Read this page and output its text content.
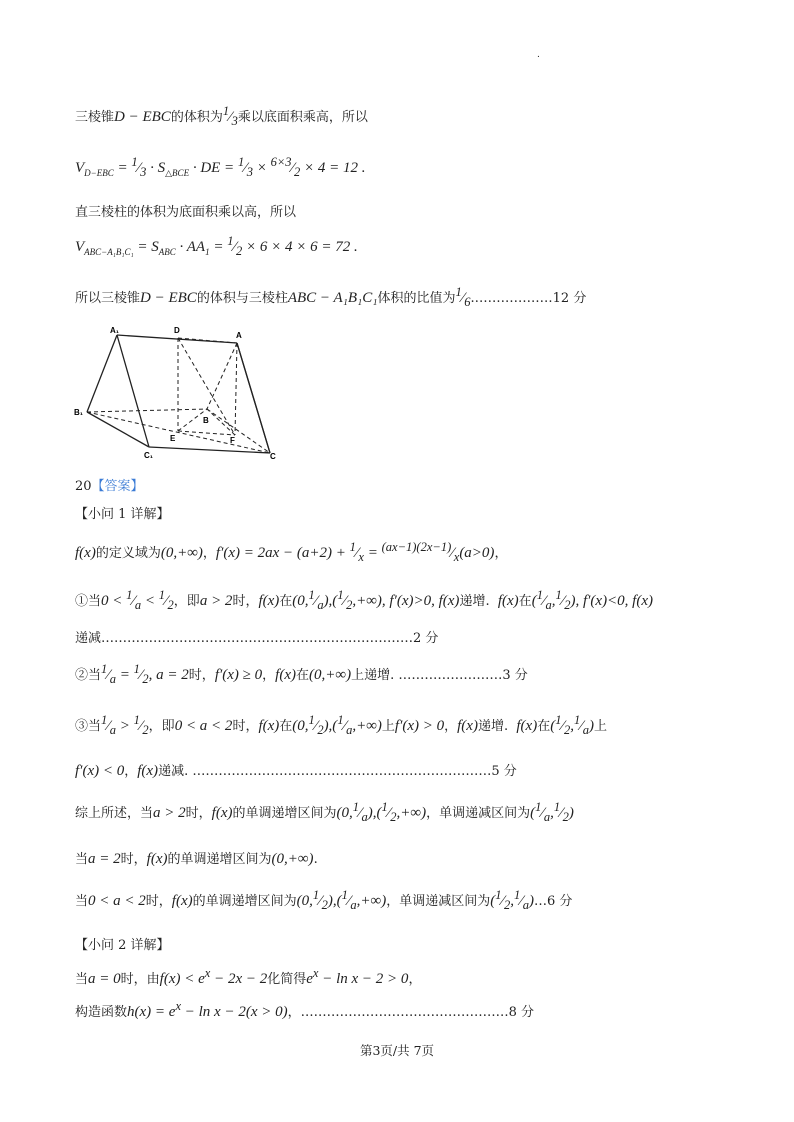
.
三棱锥D − EBC的体积为$^1⁄_3$乘以底面积乘高，所以
$V_{D-EBC}$ = $^1⁄_3 \cdot S_{\triangle BCE}$ · DE = $^1⁄_3$ × $^{6\times 3}⁄_2 \times 4 = 12$ .
直三棱柱的体积为底面积乘以高，所以
$V_{ABC-A_1B_1C_1} = S_{ABC} \cdot AA_1$ = $^1⁄_2 \times 6 \times 4 \times 6 = 72$ .
所以三棱锥D − EBC的体积与三棱柱ABC − A₁B₁C₁体积的比值为$^1⁄_6.\dots\dots\dots\dots\dots\dots 12$ 分
A₁	D
A
B₁
B
E	F
C₁	C
20【答案】
【小问 1 详解】
f(x)的定义域为(0,+∞)，$f'(x) = 2ax - (a+2) + ^1⁄_x$ = $^{(ax-1)(2x-1)}⁄_x(a>0)$，
①当$0 < ^1⁄_a$ < $^1⁄_2$，即a > 2时，f(x)在$(0,^1⁄_a),(^1⁄_2,+\infty)$, f′(x)>0, f(x)递增.  f(x)在$(^1⁄_a,^1⁄_2)$, f′(x)<0, f(x)
递减………………………………………………………………2 分
②当$^1⁄_a$ = $^1⁄_2$, a = 2时，f′(x) ≥ 0，f(x)在(0,+∞)上递增. ……………………3 分
③当$^1⁄_a$ > $^1⁄_2$，即0 < a < 2时，f(x)在$(0,^1⁄_2),(^1⁄_a,+\infty)$上f′(x) > 0，f(x)递增.  f(x)在$(^1⁄_2,^1⁄_a)$上
f′(x) < 0，f(x)递减. ……………………………………………………………5 分
综上所述，当a > 2时，f(x)的单调递增区间为$(0,^1⁄_a),(^1⁄_2,+\infty)$，单调递减区间为$(^1⁄_a,^1⁄_2)$
当a = 2时，f(x)的单调递增区间为(0,+∞).
当0 < a < 2时，f(x)的单调递增区间为$(0,^1⁄_2),(^1⁄_a,+\infty)$，单调递减区间为$(^1⁄_2,^1⁄_a)\dots 6$ 分
【小问 2 详解】
当a = 0时，由$f(x) < e^x - 2x - 2$化简得$e^x - \ln x - 2 > 0$，
构造函数$h(x) = e^x - \ln x - 2(x > 0)$，…………………………………………8 分
第3页/共 7页
